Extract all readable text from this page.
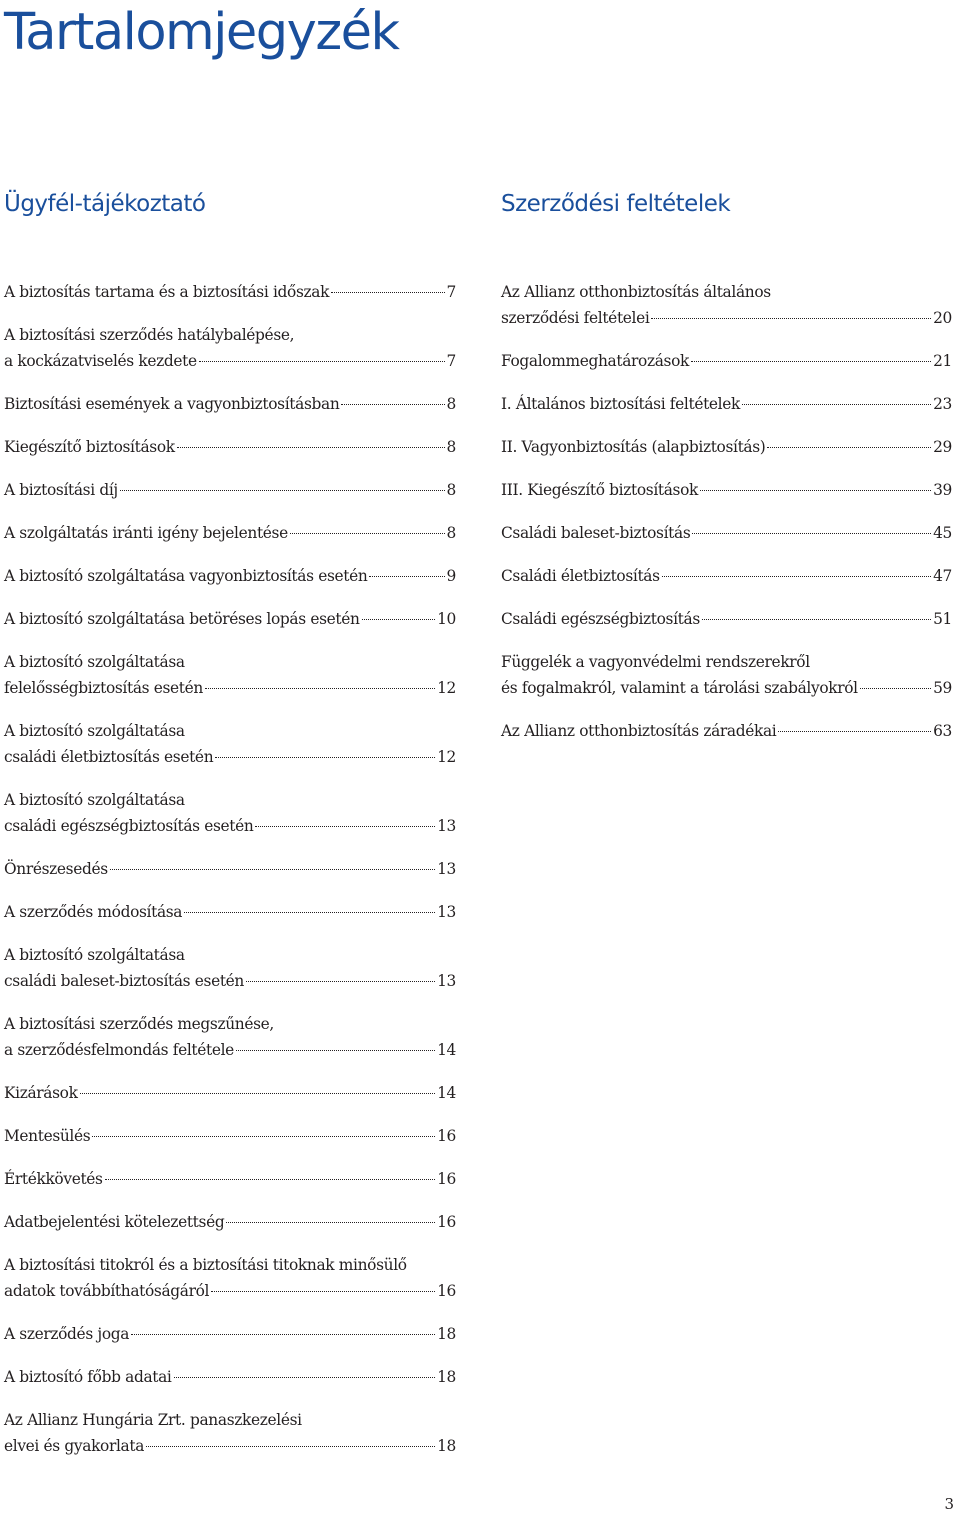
Tartalomjegyzék
Ügyfél-tájékoztató	Szerződési feltételek
A biztosítás tartama és a biztosítási időszak	7
A biztosítási szerződés hatálybalépése,
a kockázatviselés kezdete	7
Biztosítási események a vagyonbiztosításban	8
Kiegészítő biztosítások	8
A biztosítási díj	8
A szolgáltatás iránti igény bejelentése	8
A biztosító szolgáltatása vagyonbiztosítás esetén	9
A biztosító szolgáltatása betöréses lopás esetén	10
A biztosító szolgáltatása
felelősségbiztosítás esetén	12
A biztosító szolgáltatása
családi életbiztosítás esetén	12
A biztosító szolgáltatása
családi egészségbiztosítás esetén	13
Önrészesedés	13
A szerződés módosítása	13
A biztosító szolgáltatása
családi baleset-biztosítás esetén	13
A biztosítási szerződés megszűnése,
a szerződésfelmondás feltétele	14
Kizárások	14
Mentesülés	16
Értékkövetés	16
Adatbejelentési kötelezettség	16
A biztosítási titokról és a biztosítási titoknak minősülő
adatok továbbíthatóságáról	16
A szerződés joga	18
A biztosító főbb adatai	18
Az Allianz Hungária Zrt. panaszkezelési
elvei és gyakorlata	18
Az Allianz otthonbiztosítás általános
szerződési feltételei	20
Fogalommeghatározások	21
I. Általános biztosítási feltételek	23
II. Vagyonbiztosítás (alapbiztosítás)	29
III. Kiegészítő biztosítások	39
Családi baleset-biztosítás	45
Családi életbiztosítás	47
Családi egészségbiztosítás	51
Függelék a vagyonvédelmi rendszerekről
és fogalmakról, valamint a tárolási szabályokról	59
Az Allianz otthonbiztosítás záradékai	63
3
